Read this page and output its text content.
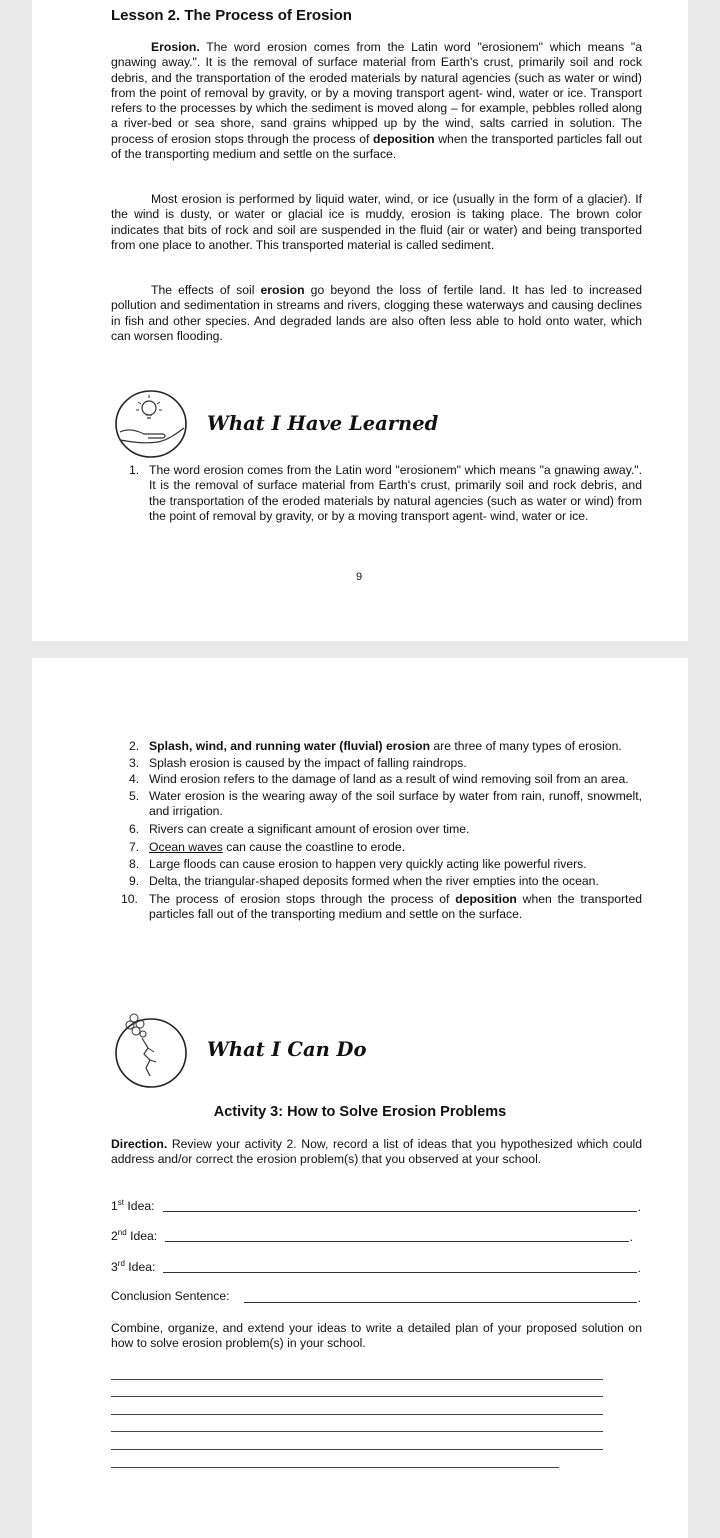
Lesson 2. The Process of Erosion

Erosion. The word erosion comes from the Latin word "erosionem" which means "a gnawing away.". It is the removal of surface material from Earth's crust, primarily soil and rock debris, and the transportation of the eroded materials by natural agencies (such as water or wind) from the point of removal by gravity, or by a moving transport agent- wind, water or ice. Transport refers to the processes by which the sediment is moved along – for example, pebbles rolled along a river-bed or sea shore, sand grains whipped up by the wind, salts carried in solution. The process of erosion stops through the process of deposition when the transported particles fall out of the transporting medium and settle on the surface.

Most erosion is performed by liquid water, wind, or ice (usually in the form of a glacier). If the wind is dusty, or water or glacial ice is muddy, erosion is taking place. The brown color indicates that bits of rock and soil are suspended in the fluid (air or water) and being transported from one place to another. This transported material is called sediment.

The effects of soil erosion go beyond the loss of fertile land. It has led to increased pollution and sedimentation in streams and rivers, clogging these waterways and causing declines in fish and other species. And degraded lands are also often less able to hold onto water, which can worsen flooding.

What I Have Learned
1. The word erosion comes from the Latin word "erosionem" which means "a gnawing away.". It is the removal of surface material from Earth's crust, primarily soil and rock debris, and the transportation of the eroded materials by natural agencies (such as water or wind) from the point of removal by gravity, or by a moving transport agent- wind, water or ice.
9
2. Splash, wind, and running water (fluvial) erosion are three of many types of erosion.
3. Splash erosion is caused by the impact of falling raindrops.
4. Wind erosion refers to the damage of land as a result of wind removing soil from an area.
5. Water erosion is the wearing away of the soil surface by water from rain, runoff, snowmelt, and irrigation.
6. Rivers can create a significant amount of erosion over time.
7. Ocean waves can cause the coastline to erode.
8. Large floods can cause erosion to happen very quickly acting like powerful rivers.
9. Delta, the triangular-shaped deposits formed when the river empties into the ocean.
10. The process of erosion stops through the process of deposition when the transported particles fall out of the transporting medium and settle on the surface.
What I Can Do
Activity 3: How to Solve Erosion Problems

Direction. Review your activity 2. Now, record a list of ideas that you hypothesized which could address and/or correct the erosion problem(s) that you observed at your school.

1st Idea:	.
2nd Idea:	.
3rd Idea:	.
Conclusion Sentence:	.

Combine, organize, and extend your ideas to write a detailed plan of your proposed solution on how to solve erosion problem(s) in your school.
